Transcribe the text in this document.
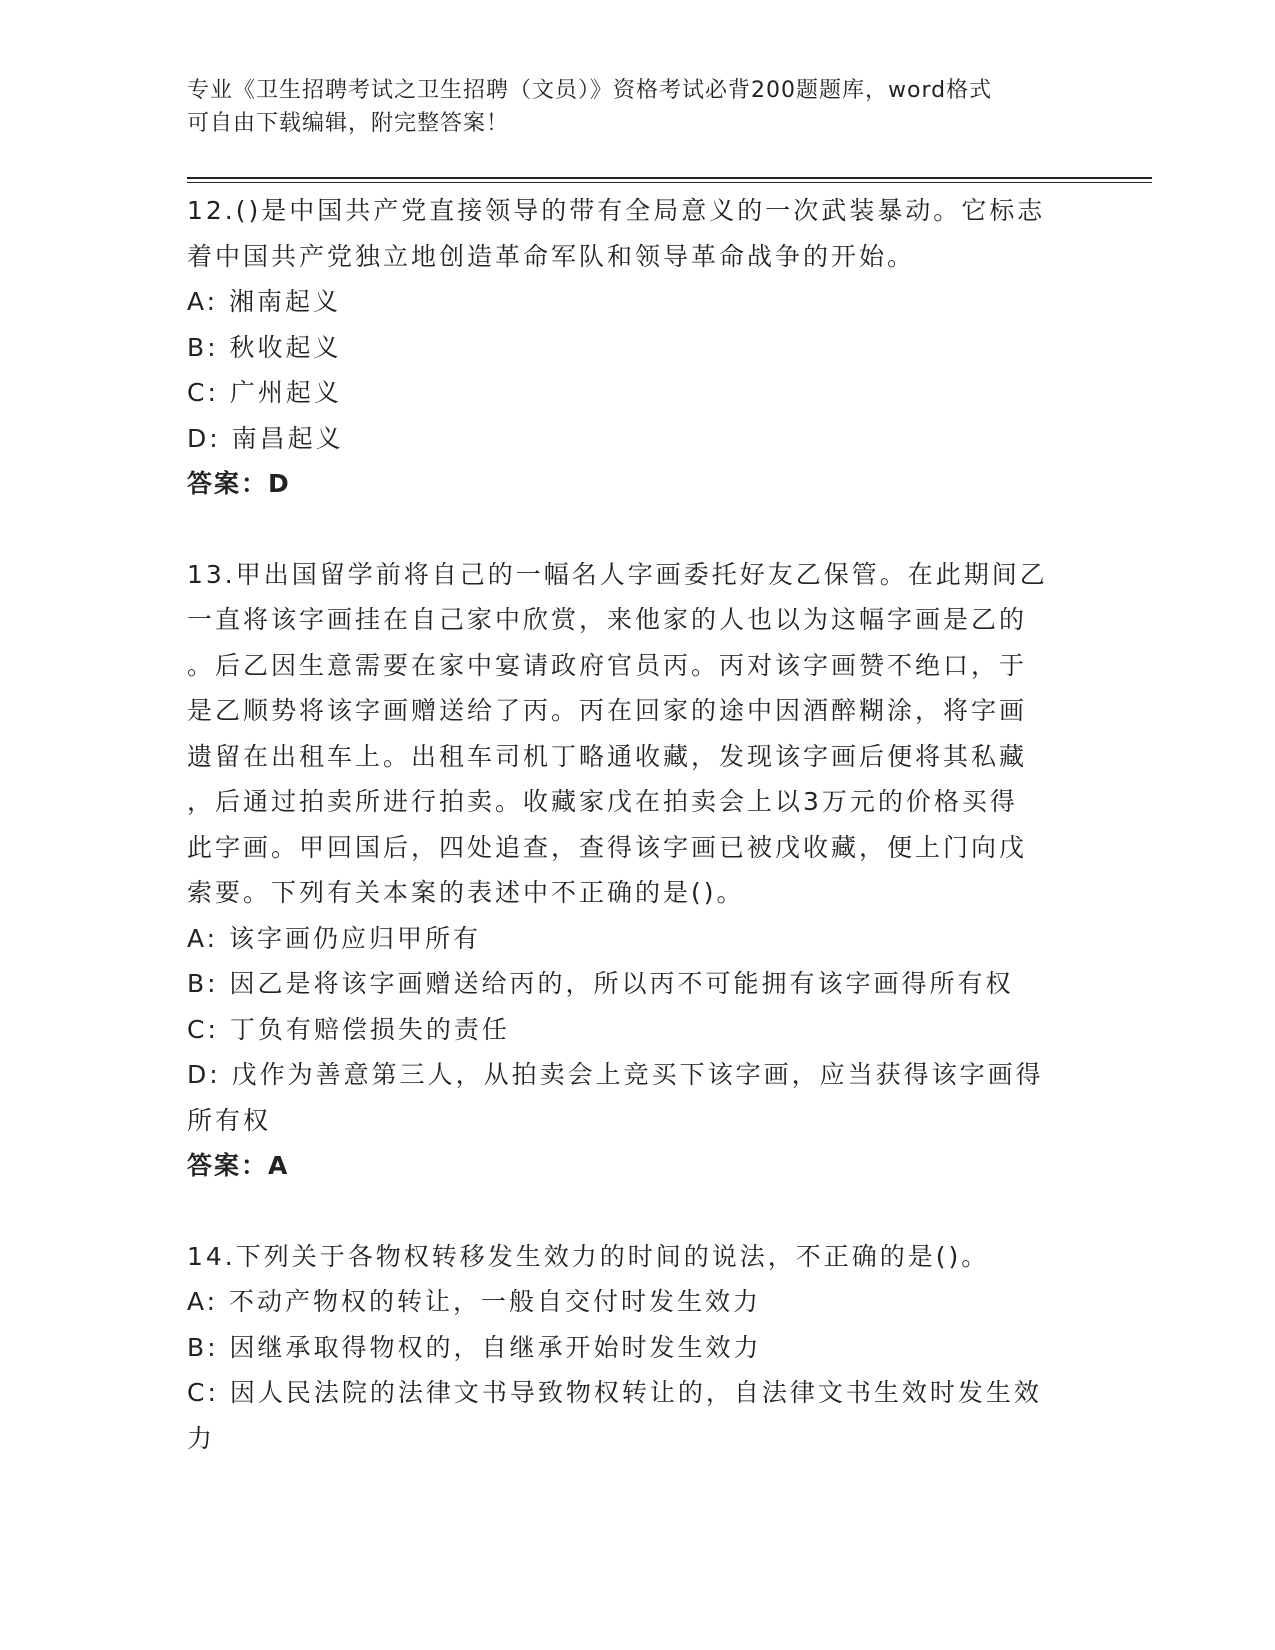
专业《卫生招聘考试之卫生招聘（文员）》资格考试必背200题题库，word格式
可自由下载编辑，附完整答案！
12.()是中国共产党直接领导的带有全局意义的一次武装暴动。它标志
着中国共产党独立地创造革命军队和领导革命战争的开始。
A: 湘南起义
B: 秋收起义
C: 广州起义
D: 南昌起义
答案：D
13.甲出国留学前将自己的一幅名人字画委托好友乙保管。在此期间乙
一直将该字画挂在自己家中欣赏，来他家的人也以为这幅字画是乙的
。后乙因生意需要在家中宴请政府官员丙。丙对该字画赞不绝口，于
是乙顺势将该字画赠送给了丙。丙在回家的途中因酒醉糊涂，将字画
遗留在出租车上。出租车司机丁略通收藏，发现该字画后便将其私藏
，后通过拍卖所进行拍卖。收藏家戊在拍卖会上以3万元的价格买得
此字画。甲回国后，四处追查，查得该字画已被戊收藏，便上门向戊
索要。下列有关本案的表述中不正确的是()。
A: 该字画仍应归甲所有
B: 因乙是将该字画赠送给丙的，所以丙不可能拥有该字画得所有权
C: 丁负有赔偿损失的责任
D: 戊作为善意第三人，从拍卖会上竞买下该字画，应当获得该字画得
所有权
答案：A
14.下列关于各物权转移发生效力的时间的说法，不正确的是()。
A: 不动产物权的转让，一般自交付时发生效力
B: 因继承取得物权的，自继承开始时发生效力
C: 因人民法院的法律文书导致物权转让的，自法律文书生效时发生效
力
